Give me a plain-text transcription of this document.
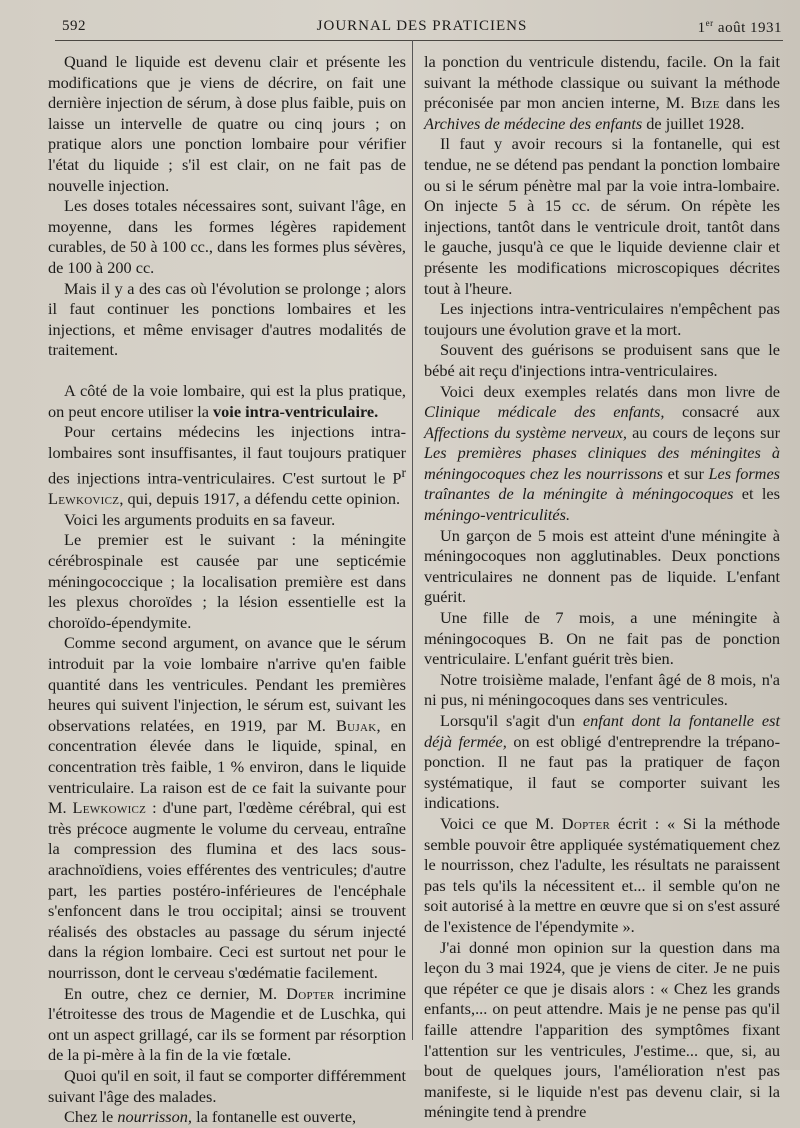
592	JOURNAL DES PRATICIENS	1er août 1931

Quand le liquide est devenu clair et présente les modifications que je viens de décrire, on fait une dernière injection de sérum, à dose plus faible, puis on laisse un intervelle de quatre ou cinq jours ; on pratique alors une ponction lombaire pour vérifier l'état du liquide ; s'il est clair, on ne fait pas de nouvelle injection.

Les doses totales nécessaires sont, suivant l'âge, en moyenne, dans les formes légères rapidement curables, de 50 à 100 cc., dans les formes plus sévères, de 100 à 200 cc.

Mais il y a des cas où l'évolution se prolonge ; alors il faut continuer les ponctions lombaires et les injections, et même envisager d'autres modalités de traitement.

A côté de la voie lombaire, qui est la plus pratique, on peut encore utiliser la voie intra-ventriculaire.

Pour certains médecins les injections intra-lombaires sont insuffisantes, il faut toujours pratiquer des injections intra-ventriculaires. C'est surtout le $P^r$ Lewkovicz, qui, depuis 1917, a défendu cette opinion.

Voici les arguments produits en sa faveur.

Le premier est le suivant : la méningite cérébrospinale est causée par une septicémie méningococcique ; la localisation première est dans les plexus choroïdes ; la lésion essentielle est la choroïdo-épendymite.

Comme second argument, on avance que le sérum introduit par la voie lombaire n'arrive qu'en faible quantité dans les ventricules. Pendant les premières heures qui suivent l'injection, le sérum est, suivant les observations relatées, en 1919, par M. Bujak, en concentration élevée dans le liquide, spinal, en concentration très faible, 1 % environ, dans le liquide ventriculaire. La raison est de ce fait la suivante pour M. Lewkowicz : d'une part, l'œdème cérébral, qui est très précoce augmente le volume du cerveau, entraîne la compression des flumina et des lacs sous-arachnoïdiens, voies efférentes des ventricules; d'autre part, les parties postéro-inférieures de l'encéphale s'enfoncent dans le trou occipital; ainsi se trouvent réalisés des obstacles au passage du sérum injecté dans la région lombaire. Ceci est surtout net pour le nourrisson, dont le cerveau s'œdématie facilement.

En outre, chez ce dernier, M. Dopter incrimine l'étroitesse des trous de Magendie et de Luschka, qui ont un aspect grillagé, car ils se forment par résorption de la pi-mère à la fin de la vie fœtale.

Quoi qu'il en soit, il faut se comporter différemment suivant l'âge des malades.

Chez le nourrisson, la fontanelle est ouverte,

la ponction du ventricule distendu, facile. On la fait suivant la méthode classique ou suivant la méthode préconisée par mon ancien interne, M. Bize dans les Archives de médecine des enfants de juillet 1928.

Il faut y avoir recours si la fontanelle, qui est tendue, ne se détend pas pendant la ponction lombaire ou si le sérum pénètre mal par la voie intra-lombaire. On injecte 5 à 15 cc. de sérum. On répète les injections, tantôt dans le ventricule droit, tantôt dans le gauche, jusqu'à ce que le liquide devienne clair et présente les modifications microscopiques décrites tout à l'heure.

Les injections intra-ventriculaires n'empêchent pas toujours une évolution grave et la mort.

Souvent des guérisons se produisent sans que le bébé ait reçu d'injections intra-ventriculaires.

Voici deux exemples relatés dans mon livre de Clinique médicale des enfants, consacré aux Affections du système nerveux, au cours de leçons sur Les premières phases cliniques des méningites à méningocoques chez les nourrissons et sur Les formes traînantes de la méningite à méningocoques et les méningo-ventriculités.

Un garçon de 5 mois est atteint d'une méningite à méningocoques non agglutinables. Deux ponctions ventriculaires ne donnent pas de liquide. L'enfant guérit.

Une fille de 7 mois, a une méningite à méningocoques B. On ne fait pas de ponction ventriculaire. L'enfant guérit très bien.

Notre troisième malade, l'enfant âgé de 8 mois, n'a ni pus, ni méningocoques dans ses ventricules.

Lorsqu'il s'agit d'un enfant dont la fontanelle est déjà fermée, on est obligé d'entreprendre la trépano-ponction. Il ne faut pas la pratiquer de façon systématique, il faut se comporter suivant les indications.

Voici ce que M. Dopter écrit : « Si la méthode semble pouvoir être appliquée systématiquement chez le nourrisson, chez l'adulte, les résultats ne paraissent pas tels qu'ils la nécessitent et... il semble qu'on ne soit autorisé à la mettre en œuvre que si on s'est assuré de l'existence de l'épendymite ».

J'ai donné mon opinion sur la question dans ma leçon du 3 mai 1924, que je viens de citer. Je ne puis que répéter ce que je disais alors : « Chez les grands enfants,... on peut attendre. Mais je ne pense pas qu'il faille attendre l'apparition des symptômes fixant l'attention sur les ventricules, J'estime... que, si, au bout de quelques jours, l'amélioration n'est pas manifeste, si le liquide n'est pas devenu clair, si la méningite tend à prendre
